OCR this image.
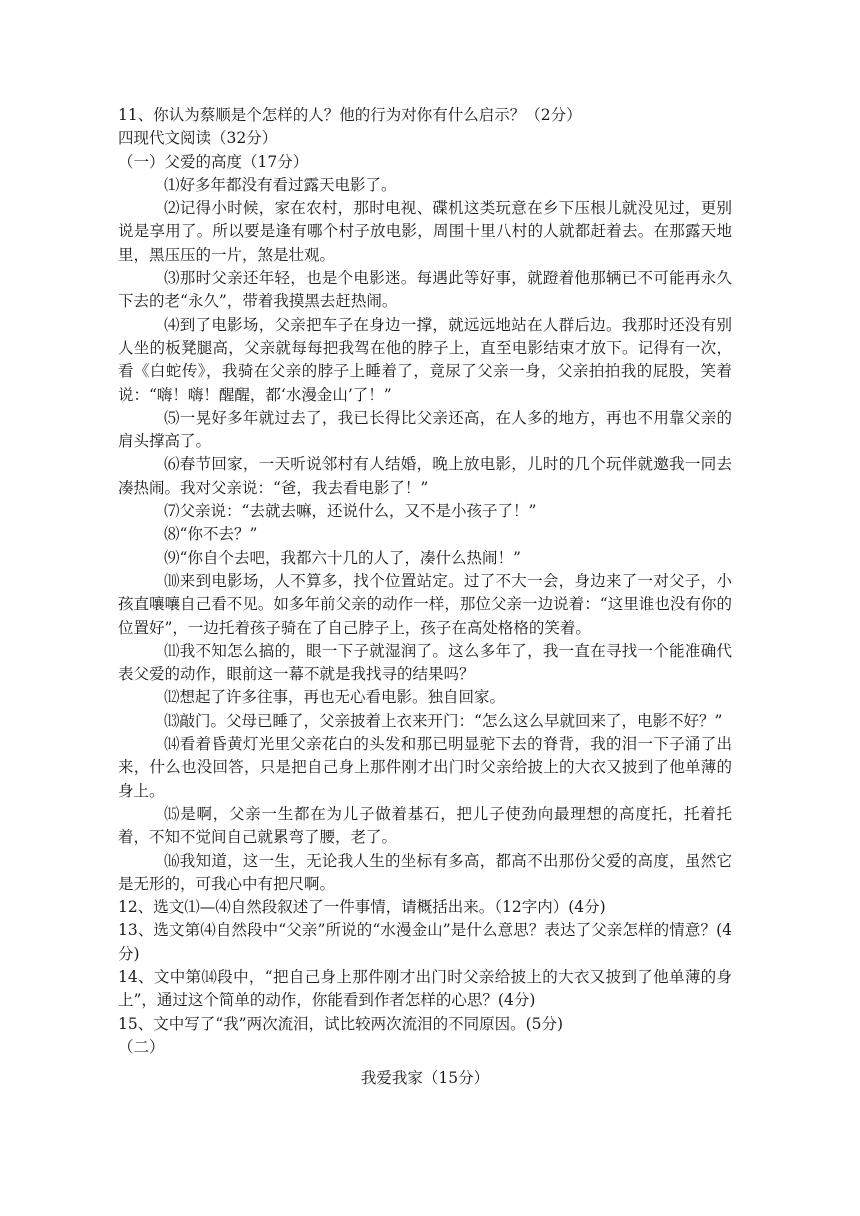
11、你认为蔡顺是个怎样的人？他的行为对你有什么启示？（2分）
四现代文阅读（32分）
（一）父爱的高度（17分）
⑴好多年都没有看过露天电影了。
⑵记得小时候，家在农村，那时电视、碟机这类玩意在乡下压根儿就没见过，更别说是享用了。所以要是逢有哪个村子放电影，周围十里八村的人就都赶着去。在那露天地里，黑压压的一片，煞是壮观。
⑶那时父亲还年轻，也是个电影迷。每遇此等好事，就蹬着他那辆已不可能再永久下去的老“永久”，带着我摸黑去赶热闹。
⑷到了电影场，父亲把车子在身边一撑，就远远地站在人群后边。我那时还没有别人坐的板凳腿高，父亲就每每把我驾在他的脖子上，直至电影结束才放下。记得有一次，看《白蛇传》，我骑在父亲的脖子上睡着了，竟尿了父亲一身，父亲拍拍我的屁股，笑着说：“嗨！嗨！醒醒，都‘水漫金山’了！”
⑸一晃好多年就过去了，我已长得比父亲还高，在人多的地方，再也不用靠父亲的肩头撑高了。
⑹春节回家，一天听说邻村有人结婚，晚上放电影，儿时的几个玩伴就邀我一同去凑热闹。我对父亲说：“爸，我去看电影了！”
⑺父亲说：“去就去嘛，还说什么，又不是小孩子了！”
⑻“你不去？”
⑼“你自个去吧，我都六十几的人了，凑什么热闹！”
⑽来到电影场，人不算多，找个位置站定。过了不大一会，身边来了一对父子，小孩直嚷嚷自己看不见。如多年前父亲的动作一样，那位父亲一边说着：“这里谁也没有你的位置好”，一边托着孩子骑在了自己脖子上，孩子在高处格格的笑着。
⑾我不知怎么搞的，眼一下子就湿润了。这么多年了，我一直在寻找一个能准确代表父爱的动作，眼前这一幕不就是我找寻的结果吗？
⑿想起了许多往事，再也无心看电影。独自回家。
⒀敲门。父母已睡了，父亲披着上衣来开门：“怎么这么早就回来了，电影不好？”
⒁看着昏黄灯光里父亲花白的头发和那已明显驼下去的脊背，我的泪一下子涌了出来，什么也没回答，只是把自己身上那件刚才出门时父亲给披上的大衣又披到了他单薄的身上。
⒂是啊，父亲一生都在为儿子做着基石，把儿子使劲向最理想的高度托，托着托着，不知不觉间自己就累弯了腰，老了。
⒃我知道，这一生，无论我人生的坐标有多高，都高不出那份父爱的高度，虽然它是无形的，可我心中有把尺啊。
12、选文⑴—⑷自然段叙述了一件事情，请概括出来。（12字内）(4分)
13、选文第⑷自然段中“父亲”所说的“水漫金山”是什么意思？表达了父亲怎样的情意？(4分)
14、文中第⒁段中，“把自己身上那件刚才出门时父亲给披上的大衣又披到了他单薄的身上”，通过这个简单的动作，你能看到作者怎样的心思？(4分)
15、文中写了“我”两次流泪，试比较两次流泪的不同原因。(5分)
（二）
我爱我家（15分）
